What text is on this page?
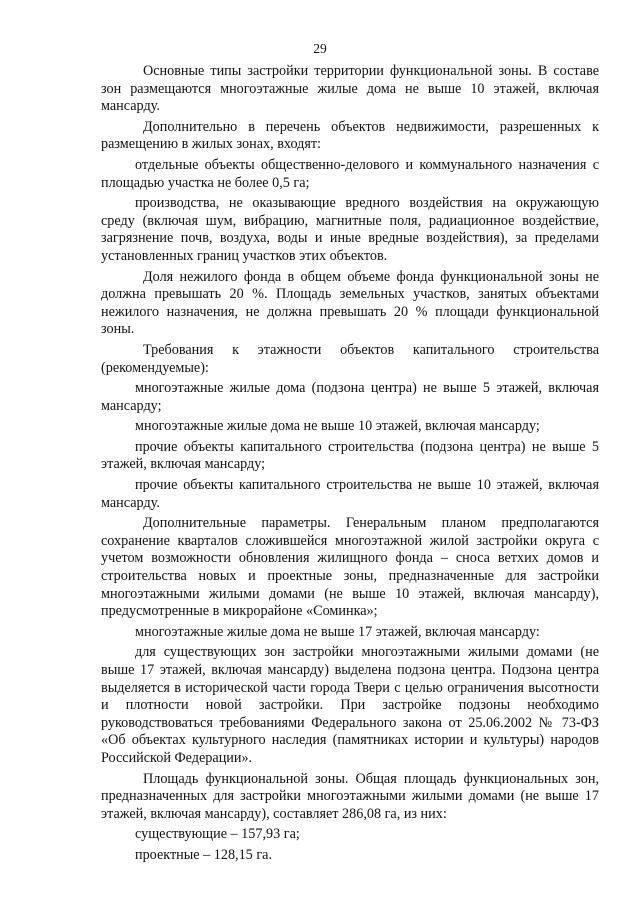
29

Основные типы застройки территории функциональной зоны. В составе зон размещаются многоэтажные жилые дома не выше 10 этажей, включая мансарду.

Дополнительно в перечень объектов недвижимости, разрешенных к размещению в жилых зонах, входят:

отдельные объекты общественно-делового и коммунального назначения с площадью участка не более 0,5 га;

производства, не оказывающие вредного воздействия на окружающую среду (включая шум, вибрацию, магнитные поля, радиационное воздействие, загрязнение почв, воздуха, воды и иные вредные воздействия), за пределами установленных границ участков этих объектов.

Доля нежилого фонда в общем объеме фонда функциональной зоны не должна превышать 20 %. Площадь земельных участков, занятых объектами нежилого назначения, не должна превышать 20 % площади функциональной зоны.

Требования к этажности объектов капитального строительства (рекомендуемые):

многоэтажные жилые дома (подзона центра) не выше 5 этажей, включая мансарду;

многоэтажные жилые дома не выше 10 этажей, включая мансарду;

прочие объекты капитального строительства (подзона центра) не выше 5 этажей, включая мансарду;

прочие объекты капитального строительства не выше 10 этажей, включая мансарду.

Дополнительные параметры. Генеральным планом предполагаются сохранение кварталов сложившейся многоэтажной жилой застройки округа с учетом возможности обновления жилищного фонда – сноса ветхих домов и строительства новых и проектные зоны, предназначенные для застройки многоэтажными жилыми домами (не выше 10 этажей, включая мансарду), предусмотренные в микрорайоне «Соминка»;

многоэтажные жилые дома не выше 17 этажей, включая мансарду:

для существующих зон застройки многоэтажными жилыми домами (не выше 17 этажей, включая мансарду) выделена подзона центра. Подзона центра выделяется в исторической части города Твери с целью ограничения высотности и плотности новой застройки. При застройке подзоны необходимо руководствоваться требованиями Федерального закона от 25.06.2002 № 73-ФЗ «Об объектах культурного наследия (памятниках истории и культуры) народов Российской Федерации».

Площадь функциональной зоны. Общая площадь функциональных зон, предназначенных для застройки многоэтажными жилыми домами (не выше 17 этажей, включая мансарду), составляет 286,08 га, из них:

существующие – 157,93 га;

проектные – 128,15 га.
